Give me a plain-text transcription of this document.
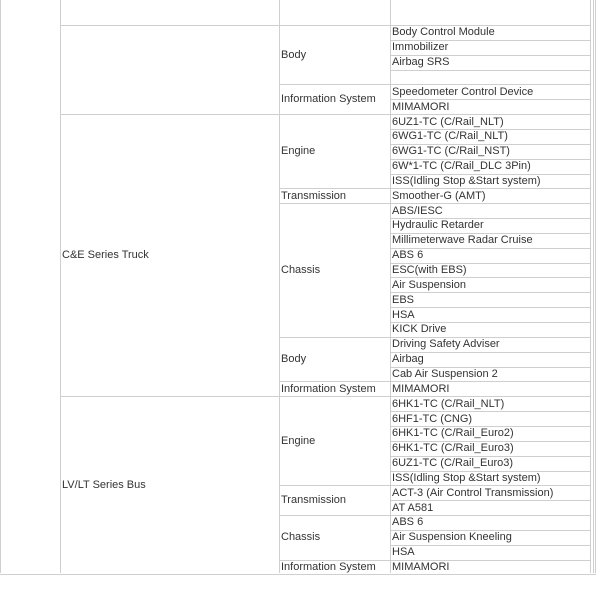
Body Control Module
Immobilizer
Airbag SRS
Body
Speedometer Control Device
MIMAMORI
Information System
6UZ1-TC (C/Rail_NLT)
6WG1-TC (C/Rail_NLT)
6WG1-TC (C/Rail_NST)
6W*1-TC (C/Rail_DLC 3Pin)
ISS(Idling Stop &Start system)
Engine
Smoother-G (AMT)
Transmission
ABS/IESC
Hydraulic Retarder
Millimeterwave Radar Cruise
ABS 6
ESC(with EBS)
Air Suspension
EBS
HSA
KICK Drive
Chassis
Driving Safety Adviser
Airbag
Cab Air Suspension 2
Body
MIMAMORI
Information System
C&E Series Truck
6HK1-TC (C/Rail_NLT)
6HF1-TC (CNG)
6HK1-TC (C/Rail_Euro2)
6HK1-TC (C/Rail_Euro3)
6UZ1-TC (C/Rail_Euro3)
ISS(Idling Stop &Start system)
Engine
ACT-3 (Air Control Transmission)
AT A581
Transmission
ABS 6
Air Suspension Kneeling
HSA
Chassis
MIMAMORI
Information System
LV/LT Series Bus
